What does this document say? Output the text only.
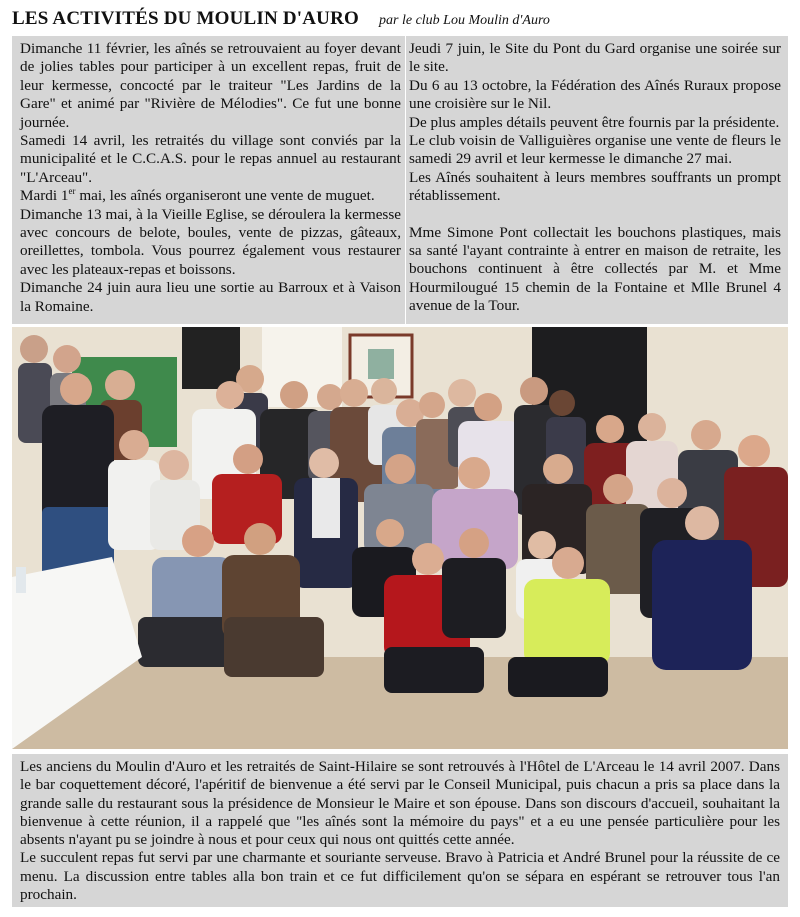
LES ACTIVITÉS DU MOULIN D'AURO par le club Lou Moulin d'Auro

Dimanche 11 février, les aînés se retrouvaient au foyer devant de jolies tables pour participer à un excellent repas, fruit de leur kermesse, concocté par le traiteur "Les Jardins de la Gare" et animé par "Rivière de Mélodies". Ce fut une bonne journée.

Samedi 14 avril, les retraités du village sont conviés par la municipalité et le C.C.A.S. pour le repas annuel au restaurant "L'Arceau".

Mardi 1er mai, les aînés organiseront une vente de muguet.

Dimanche 13 mai, à la Vieille Eglise, se déroulera la kermesse avec concours de belote, boules, vente de pizzas, gâteaux, oreillettes, tombola. Vous pourrez également vous restaurer avec les plateaux-repas et boissons.

Dimanche 24 juin aura lieu une sortie au Barroux et à Vaison la Romaine.

Jeudi 7 juin, le Site du Pont du Gard organise une soirée sur le site.

Du 6 au 13 octobre, la Fédération des Aînés Ruraux propose une croisière sur le Nil.

De plus amples détails peuvent être fournis par la présidente.

Le club voisin de Valliguières organise une vente de fleurs le samedi 29 avril et leur kermesse le dimanche 27 mai.

Les Aînés souhaitent à leurs membres souffrants un prompt rétablissement.

Mme Simone Pont collectait les bouchons plastiques, mais sa santé l'ayant contrainte à entrer en maison de retraite, les bouchons continuent à être collectés par M. et Mme Hourmilougué 15 chemin de la Fontaine et Mlle Brunel 4 avenue de la Tour.

Les anciens du Moulin d'Auro et les retraités de Saint-Hilaire se sont retrouvés à l'Hôtel de L'Arceau le 14 avril 2007. Dans le bar coquettement décoré, l'apéritif de bienvenue a été servi par le Conseil Municipal, puis chacun a pris sa place dans la grande salle du restaurant sous la présidence de Monsieur le Maire et son épouse. Dans son discours d'accueil, souhaitant la bienvenue à cette réunion, il a rappelé que "les aînés sont la mémoire du pays" et a eu une pensée particulière pour les absents n'ayant pu se joindre à nous et pour ceux qui nous ont quittés cette année.

Le succulent repas fut servi par une charmante et souriante serveuse. Bravo à Patricia et André Brunel pour la réussite de ce menu. La discussion entre tables alla bon train et ce fut difficilement qu'on se sépara en espérant se retrouver tous l'an prochain.
